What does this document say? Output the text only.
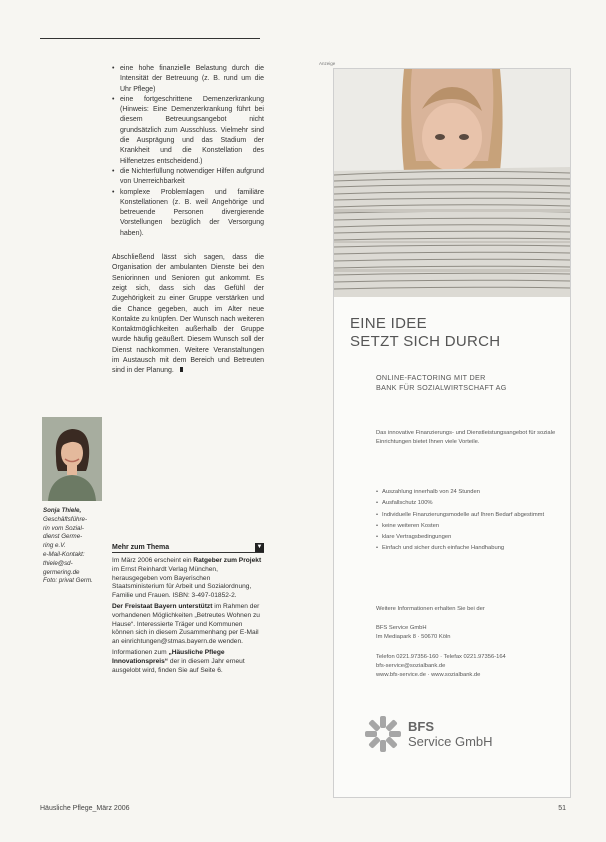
• eine hohe finanzielle Belastung durch die Intensität der Betreuung (z. B. rund um die Uhr Pflege)
• eine fortgeschrittene Demenzerkrankung (Hinweis: Eine Demenzerkrankung führt bei diesem Betreuungsangebot nicht grundsätzlich zum Ausschluss. Vielmehr sind die Ausprägung und das Stadium der Krankheit und die Konstellation des Hilfenetzes entscheidend.)
• die Nichterfüllung notwendiger Hilfen aufgrund von Unerreichbarkeit
• komplexe Problemlagen und familiäre Konstellationen (z. B. weil Angehörige und betreuende Personen divergierende Vorstellungen bezüglich der Versorgung haben).

Abschließend lässt sich sagen, dass die Organisation der ambulanten Dienste bei den Seniorinnen und Senioren gut ankommt. Es zeigt sich, dass sich das Gefühl der Zugehörigkeit zu einer Gruppe verstärken und die Chance gegeben, auch im Alter neue Kontakte zu knüpfen. Der Wunsch nach weiteren Kontaktmöglichkeiten außerhalb der Gruppe wurde häufig geäußert. Diesem Wunsch soll der Dienst nachkommen. Weitere Veranstaltungen im Austausch mit dem Bereich und Betreuten sind in der Planung.

Sonja Thiele,
Geschäftsführe-
rin vom Sozial-
dienst Germe-
ring e.V.
e-Mail-Kontakt:
thiele@sd-
germering.de
Foto: privat Germ.
Mehr zum Thema	▼

Im März 2006 erscheint ein Ratgeber zum Projekt im Ernst Reinhardt Verlag München, herausgegeben vom Bayerischen Staatsministerium für Arbeit und Sozialordnung, Familie und Frauen. ISBN: 3-497-01852-2.

Der Freistaat Bayern unterstützt im Rahmen der vorhandenen Möglichkeiten „Betreutes Wohnen zu Hause“. Interessierte Träger und Kommunen können sich in diesem Zusammenhang per E-Mail an einrichtungen@stmas.bayern.de wenden.

Informationen zum „Häusliche Pflege Innovationspreis“ der in diesem Jahr erneut ausgelobt wird, finden Sie auf Seite 6.

Häusliche Pflege_März 2006	51
Anzeige
EINE IDEE
SETZT SICH DURCH
ONLINE-FACTORING MIT DER
BANK FÜR SOZIALWIRTSCHAFT AG
Das innovative Finanzierungs- und Dienstleistungsangebot für soziale Einrichtungen bietet Ihnen viele Vorteile.
• Auszahlung innerhalb von 24 Stunden
• Ausfallschutz 100%
• Individuelle Finanzierungsmodelle auf Ihren Bedarf abgestimmt
• keine weiteren Kosten
• klare Vertragsbedingungen
• Einfach und sicher durch einfache Handhabung

Weitere Informationen erhalten Sie bei der

BFS Service GmbH

Im Mediapark 8 · 50670 Köln

Telefon 0221.97356-160 · Telefax 0221.97356-164

bfs-service@sozialbank.de

www.bfs-service.de · www.sozialbank.de

BFS
Service GmbH
